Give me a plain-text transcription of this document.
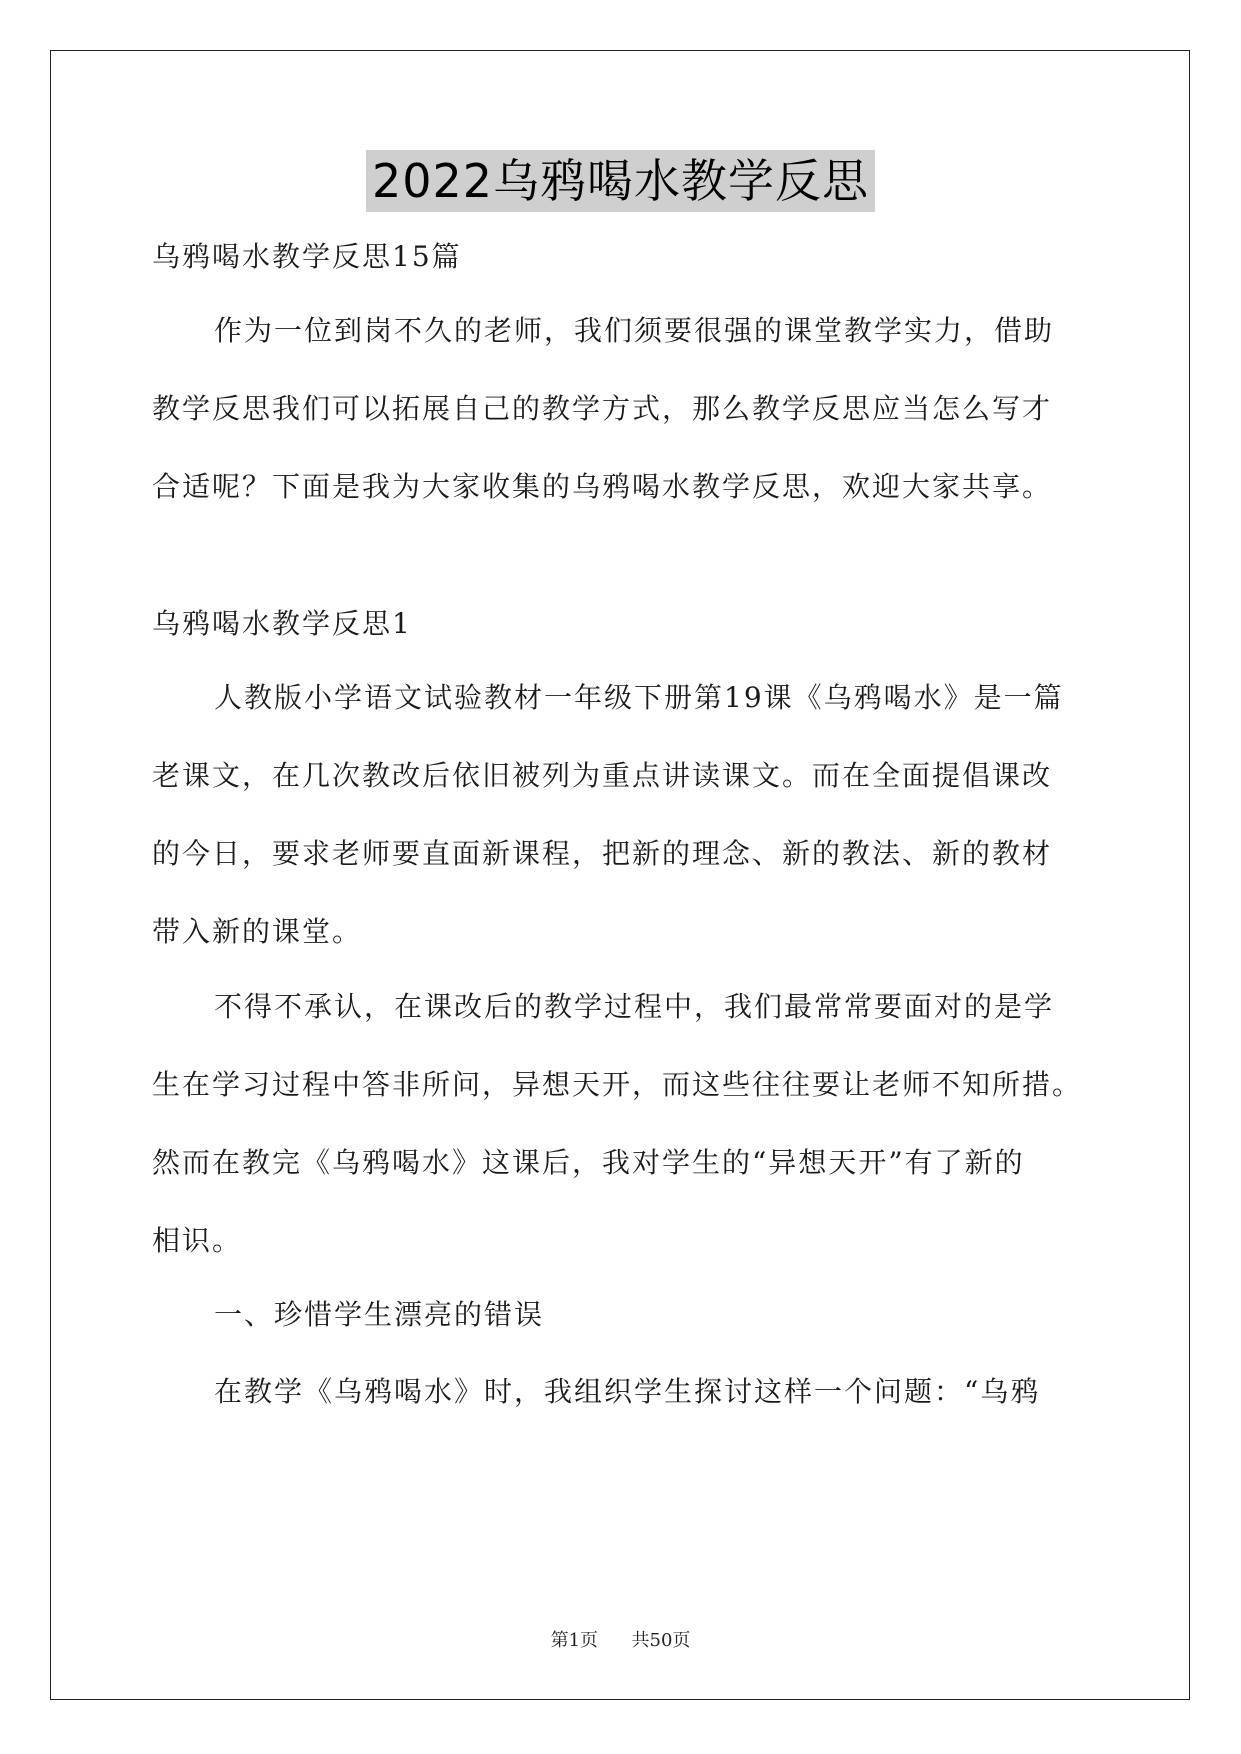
2022乌鸦喝水教学反思
乌鸦喝水教学反思15篇
作为一位到岗不久的老师，我们须要很强的课堂教学实力，借助
教学反思我们可以拓展自己的教学方式，那么教学反思应当怎么写才
合适呢？下面是我为大家收集的乌鸦喝水教学反思，欢迎大家共享。
乌鸦喝水教学反思1
人教版小学语文试验教材一年级下册第19课《乌鸦喝水》是一篇
老课文，在几次教改后依旧被列为重点讲读课文。而在全面提倡课改
的今日，要求老师要直面新课程，把新的理念、新的教法、新的教材
带入新的课堂。
不得不承认，在课改后的教学过程中，我们最常常要面对的是学
生在学习过程中答非所问，异想天开，而这些往往要让老师不知所措。
然而在教完《乌鸦喝水》这课后，我对学生的“异想天开”有了新的
相识。
一、珍惜学生漂亮的错误
在教学《乌鸦喝水》时，我组织学生探讨这样一个问题：“乌鸦
第1页 共50页
